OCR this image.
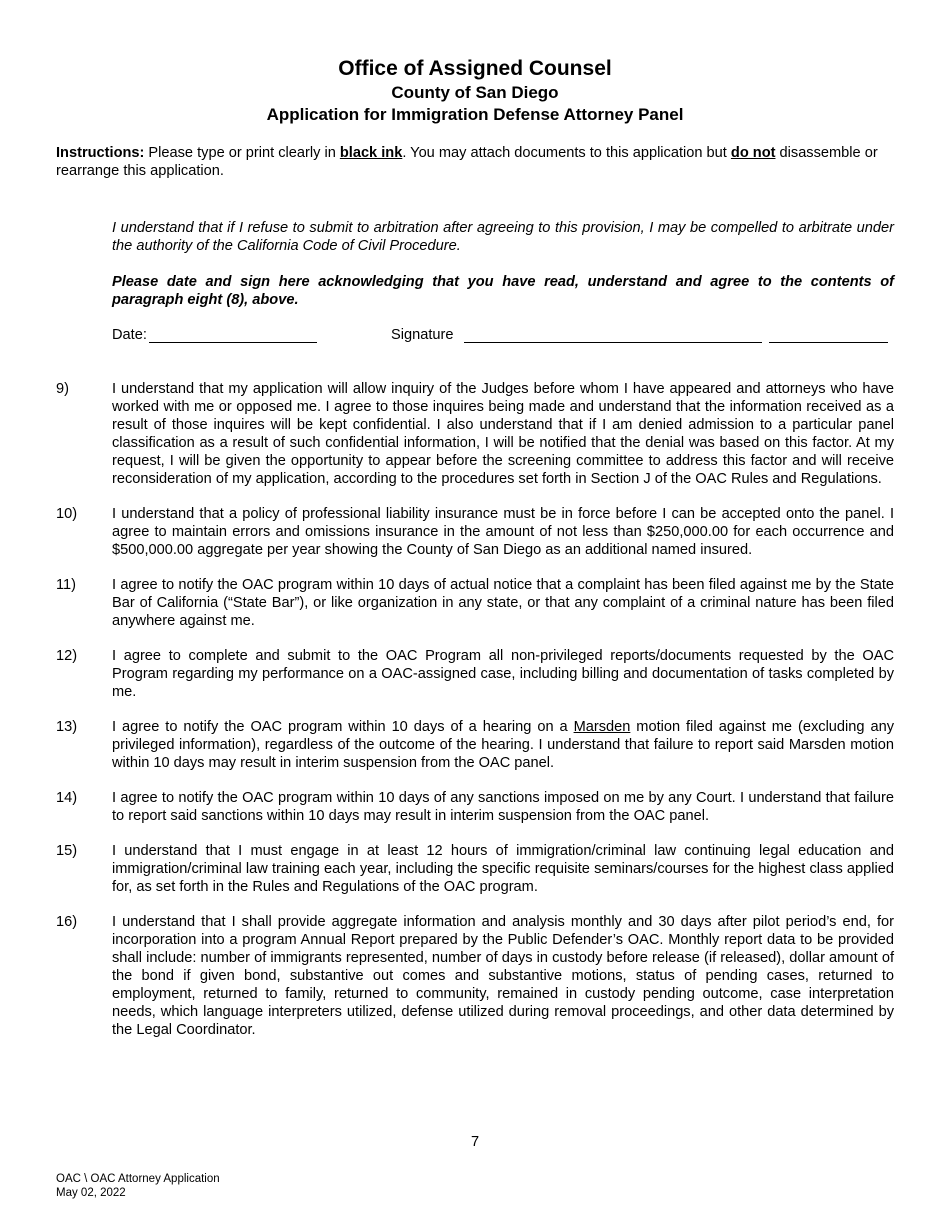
Office of Assigned Counsel
County of San Diego
Application for Immigration Defense Attorney Panel
Instructions: Please type or print clearly in black ink. You may attach documents to this application but do not disassemble or rearrange this application.
I understand that if I refuse to submit to arbitration after agreeing to this provision, I may be compelled to arbitrate under the authority of the California Code of Civil Procedure.
Please date and sign here acknowledging that you have read, understand and agree to the contents of paragraph eight (8), above.
Date:	Signature
9)	I understand that my application will allow inquiry of the Judges before whom I have appeared and attorneys who have worked with me or opposed me. I agree to those inquires being made and understand that the information received as a result of those inquires will be kept confidential. I also understand that if I am denied admission to a particular panel classification as a result of such confidential information, I will be notified that the denial was based on this factor. At my request, I will be given the opportunity to appear before the screening committee to address this factor and will receive reconsideration of my application, according to the procedures set forth in Section J of the OAC Rules and Regulations.
10)	I understand that a policy of professional liability insurance must be in force before I can be accepted onto the panel. I agree to maintain errors and omissions insurance in the amount of not less than $250,000.00 for each occurrence and $500,000.00 aggregate per year showing the County of San Diego as an additional named insured.
11)	I agree to notify the OAC program within 10 days of actual notice that a complaint has been filed against me by the State Bar of California (“State Bar”), or like organization in any state, or that any complaint of a criminal nature has been filed anywhere against me.
12)	I agree to complete and submit to the OAC Program all non-privileged reports/documents requested by the OAC Program regarding my performance on a OAC-assigned case, including billing and documentation of tasks completed by me.
13)	I agree to notify the OAC program within 10 days of a hearing on a Marsden motion filed against me (excluding any privileged information), regardless of the outcome of the hearing. I understand that failure to report said Marsden motion within 10 days may result in interim suspension from the OAC panel.
14)	I agree to notify the OAC program within 10 days of any sanctions imposed on me by any Court. I understand that failure to report said sanctions within 10 days may result in interim suspension from the OAC panel.
15)	I understand that I must engage in at least 12 hours of immigration/criminal law continuing legal education and immigration/criminal law training each year, including the specific requisite seminars/courses for the highest class applied for, as set forth in the Rules and Regulations of the OAC program.
16)	I understand that I shall provide aggregate information and analysis monthly and 30 days after pilot period’s end, for incorporation into a program Annual Report prepared by the Public Defender’s OAC. Monthly report data to be provided shall include: number of immigrants represented, number of days in custody before release (if released), dollar amount of the bond if given bond, substantive out comes and substantive motions, status of pending cases, returned to employment, returned to family, returned to community, remained in custody pending outcome, case interpretation needs, which language interpreters utilized, defense utilized during removal proceedings, and other data determined by the Legal Coordinator.
7
OAC \ OAC Attorney Application
May 02, 2022
